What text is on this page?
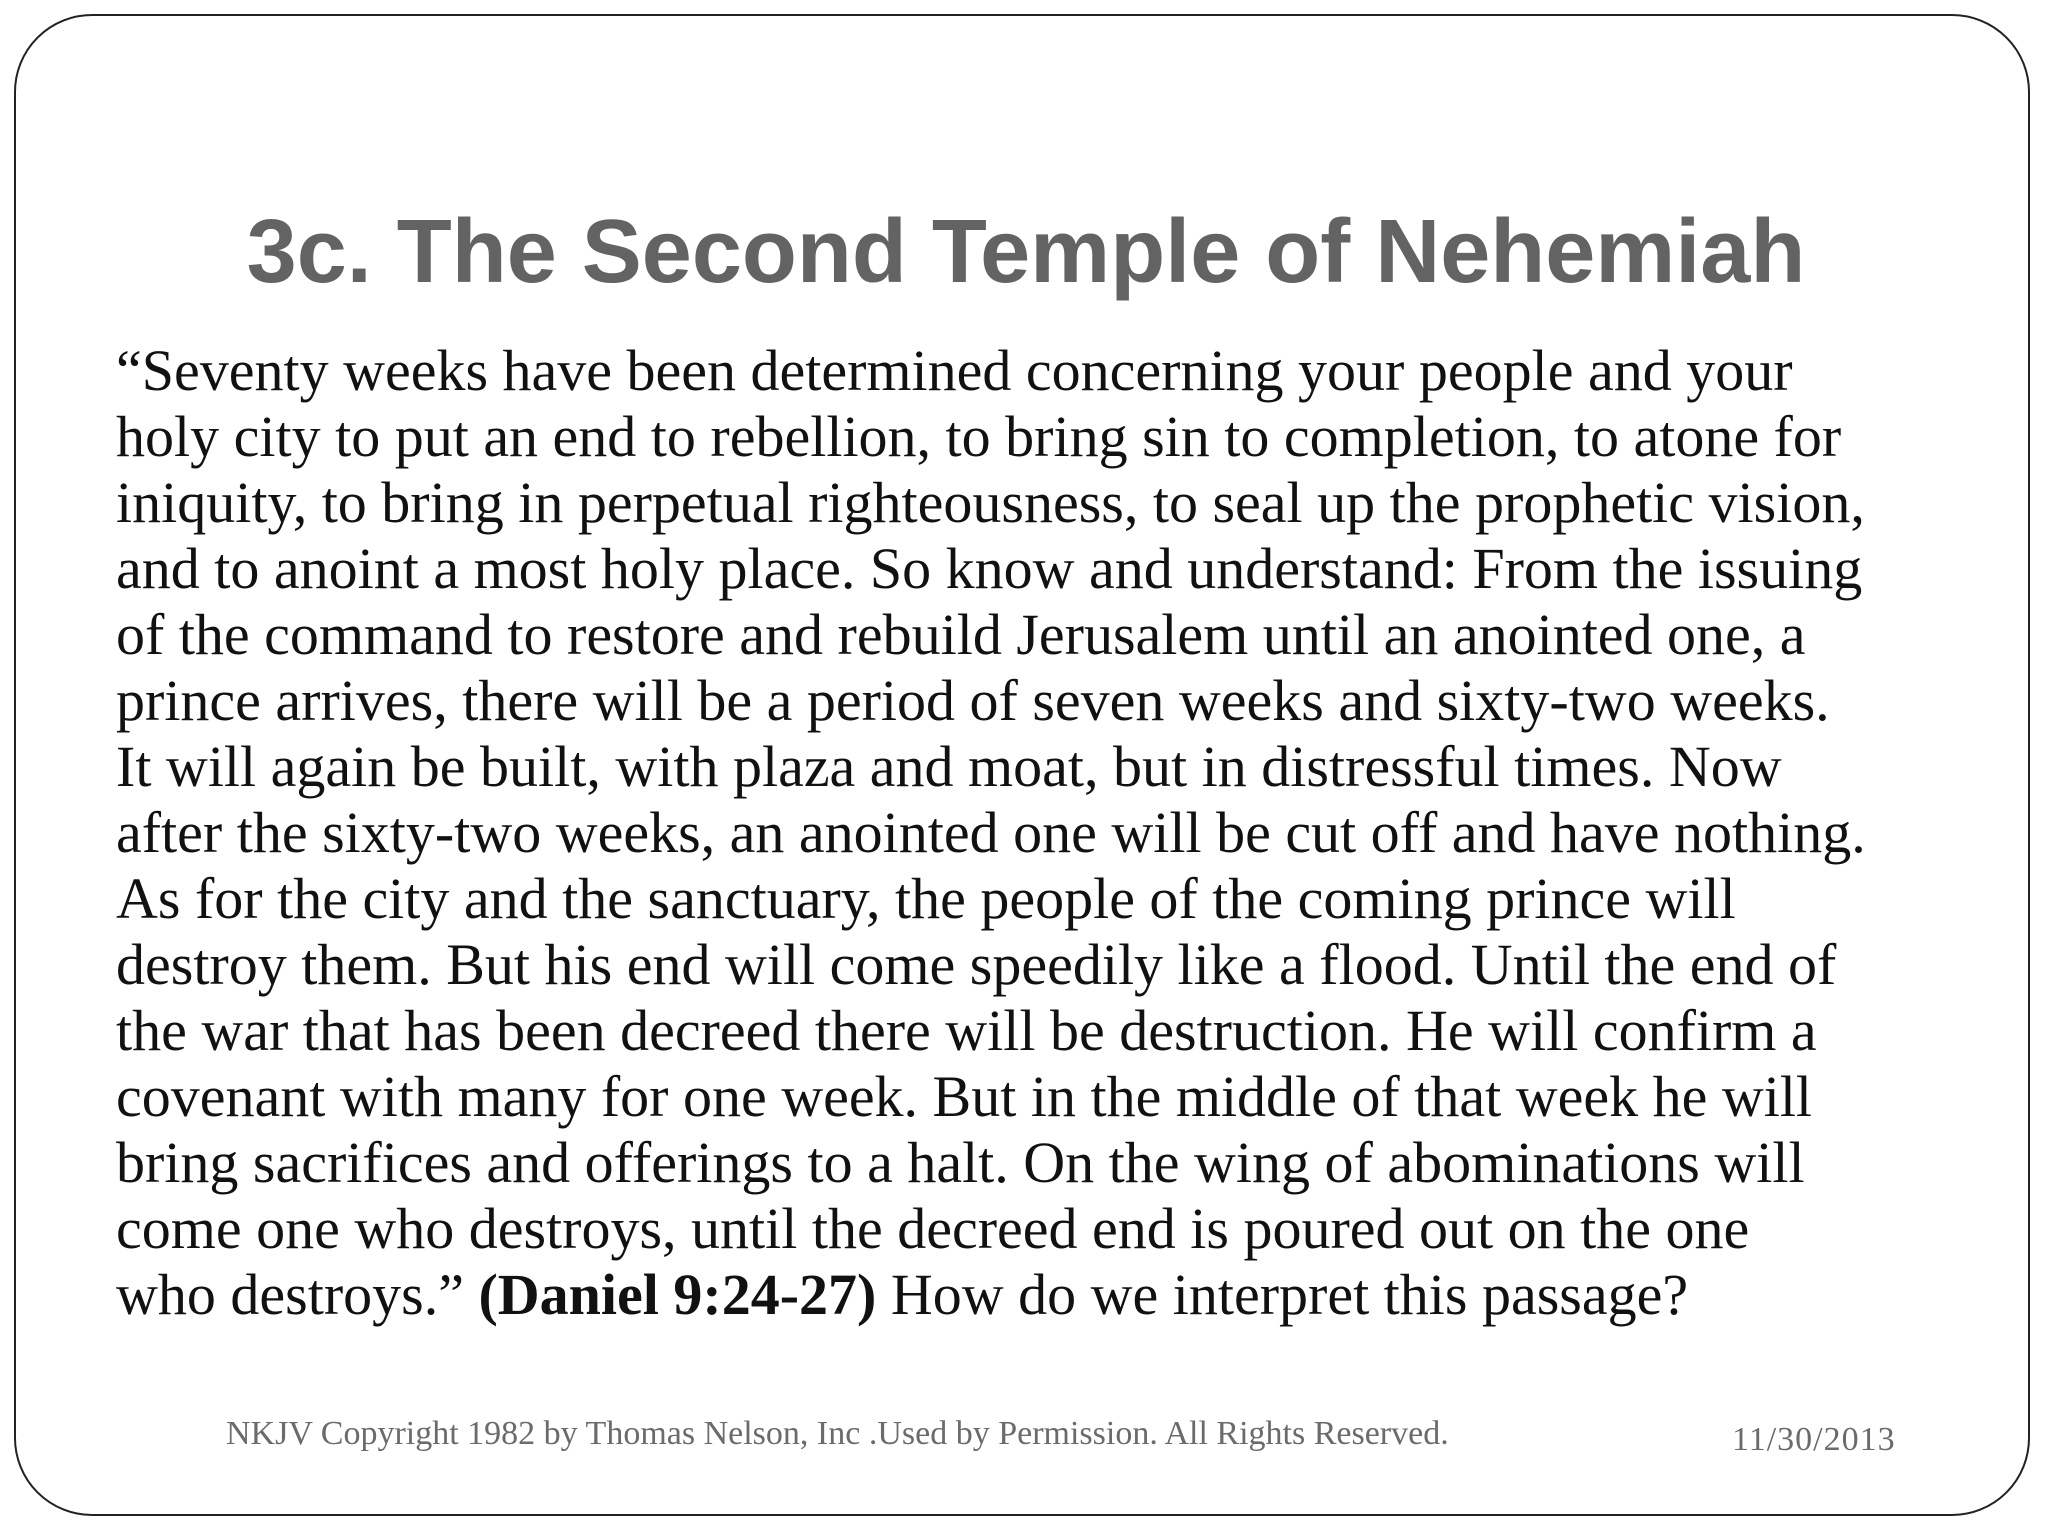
3c. The Second Temple of Nehemiah
“Seventy weeks have been determined concerning your people and your
holy city to put an end to rebellion, to bring sin to completion, to atone for
iniquity, to bring in perpetual righteousness, to seal up the prophetic vision,
and to anoint a most holy place. So know and understand: From the issuing
of the command to restore and rebuild Jerusalem until an anointed one, a
prince arrives, there will be a period of seven weeks and sixty-two weeks.
It will again be built, with plaza and moat, but in distressful times. Now
after the sixty-two weeks, an anointed one will be cut off and have nothing.
As for the city and the sanctuary, the people of the coming prince will
destroy them. But his end will come speedily like a flood. Until the end of
the war that has been decreed there will be destruction. He will confirm a
covenant with many for one week. But in the middle of that week he will
bring sacrifices and offerings to a halt. On the wing of abominations will
come one who destroys, until the decreed end is poured out on the one
who destroys.” (Daniel 9:24-27) How do we interpret this passage?
NKJV Copyright 1982 by Thomas Nelson, Inc .Used by Permission. All Rights Reserved.	11/30/2013
